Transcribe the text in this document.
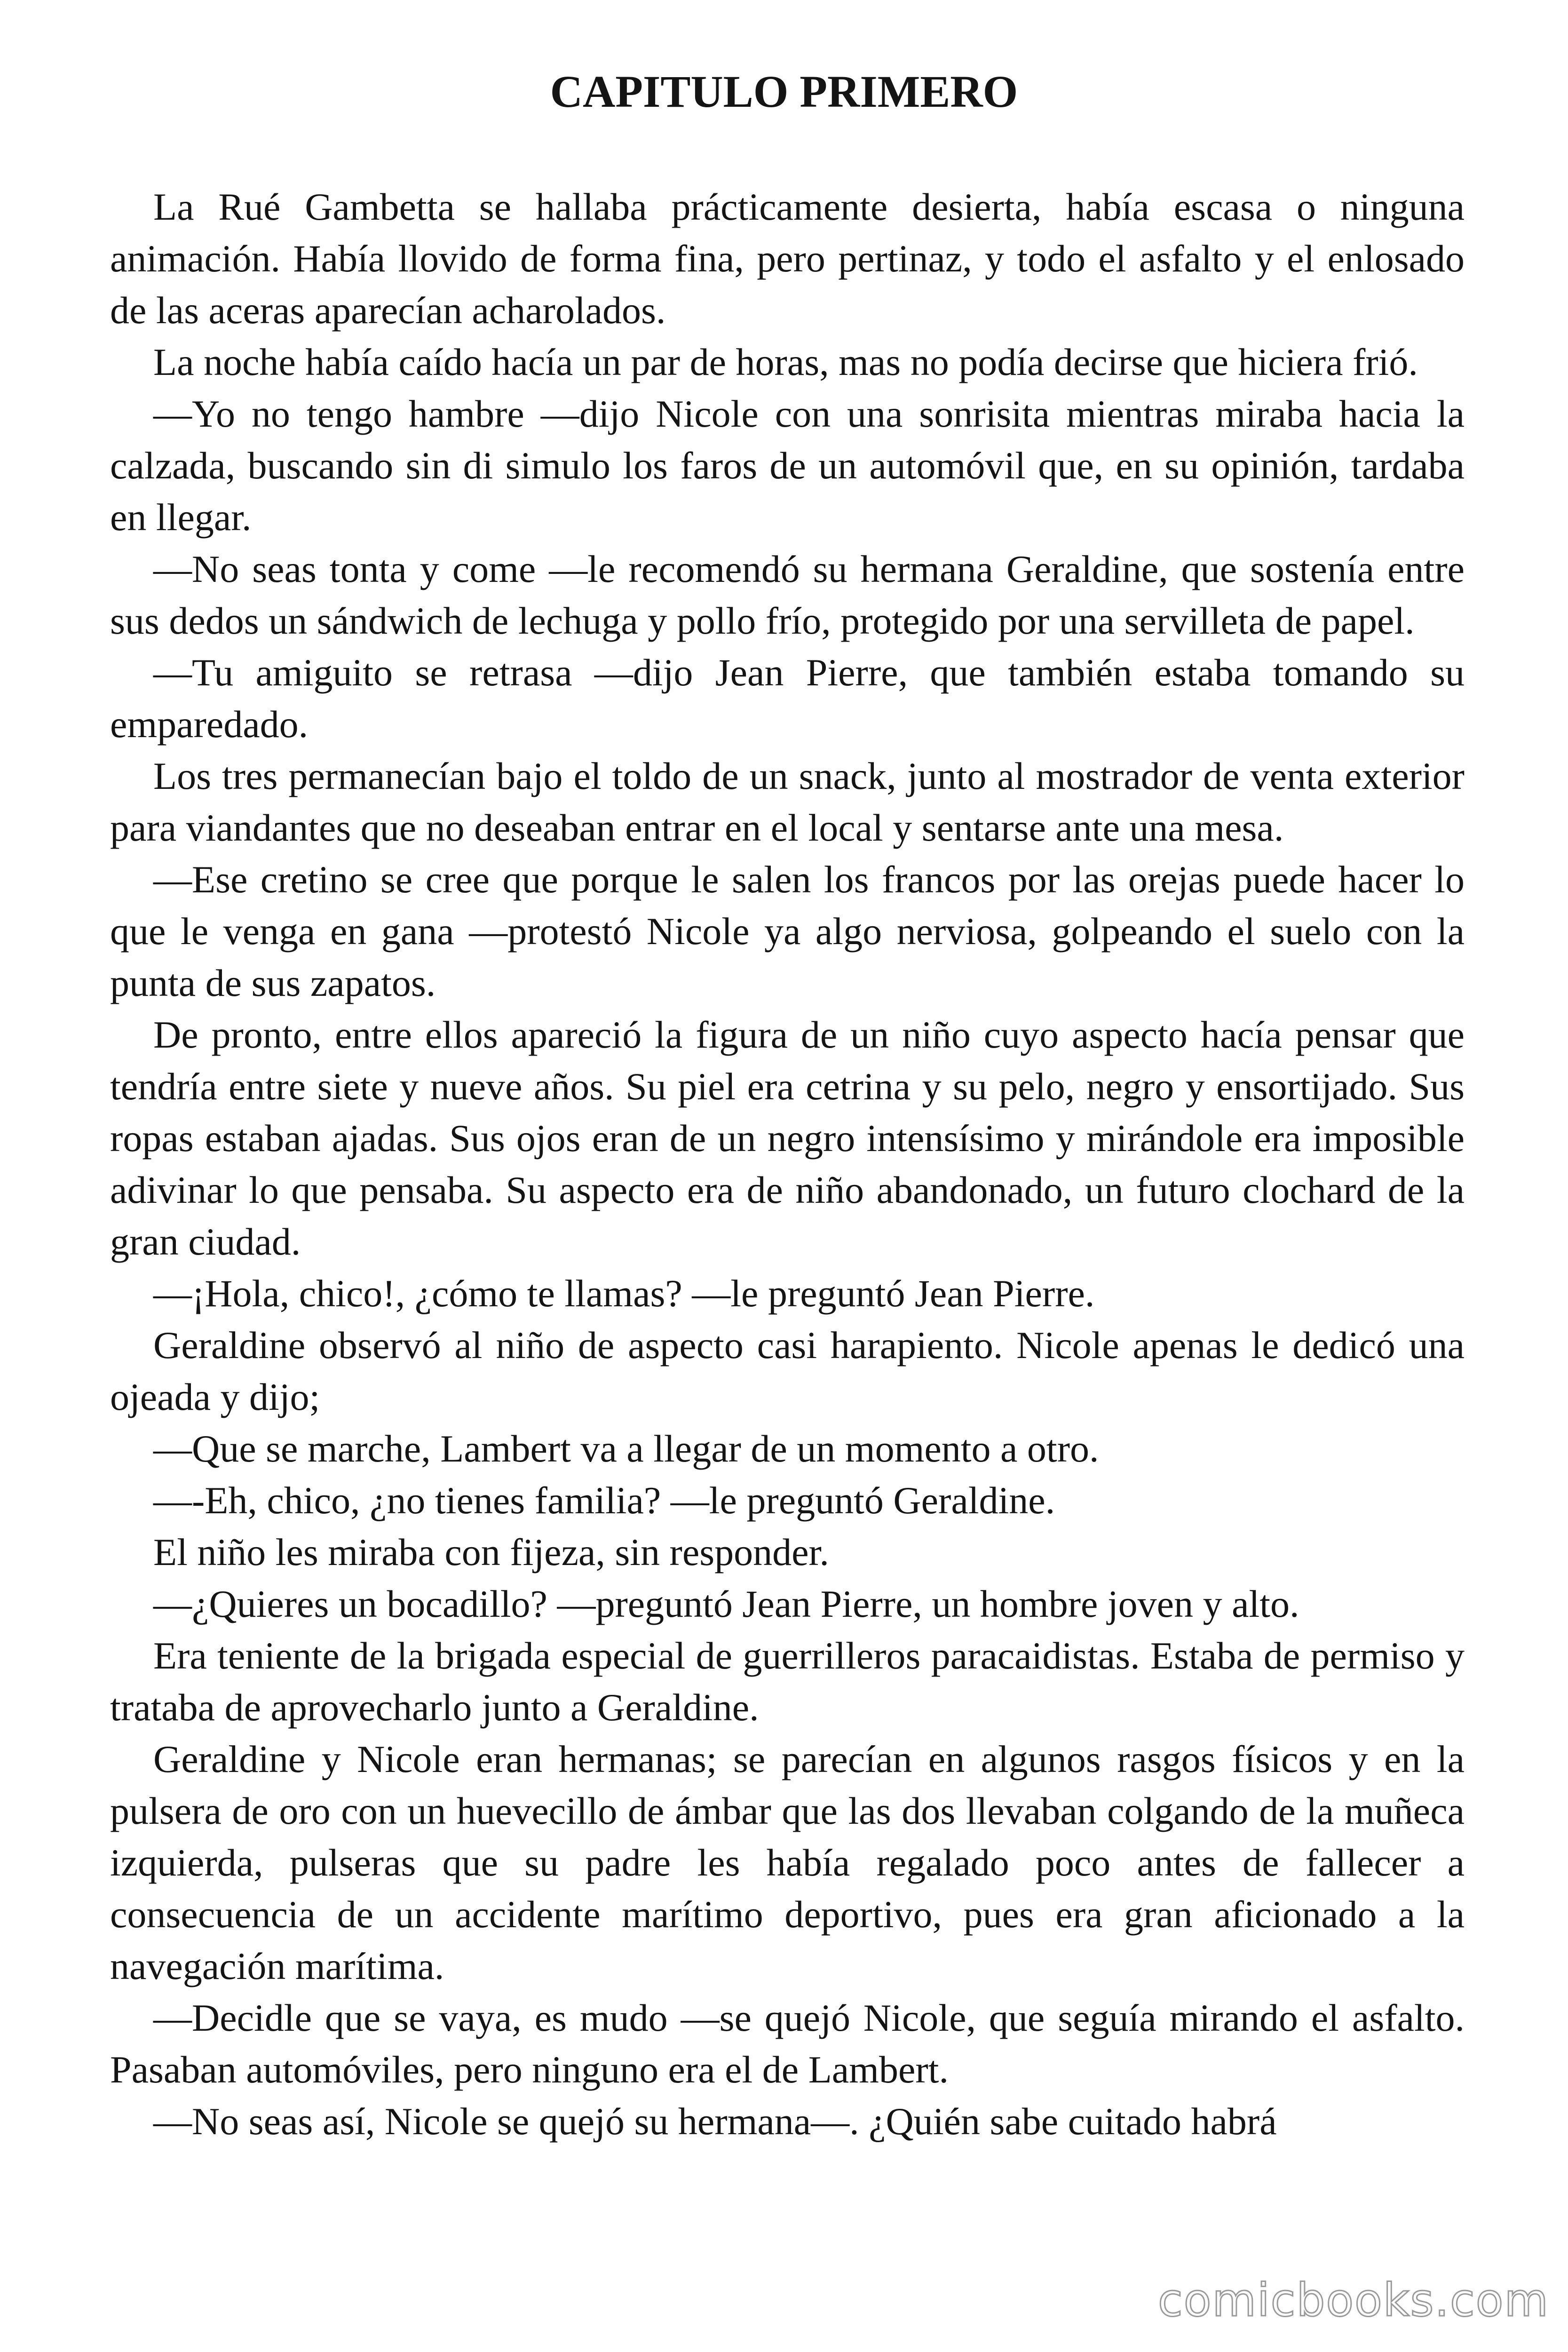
CAPITULO PRIMERO

La Rué Gambetta se hallaba prácticamente desierta, había escasa o ninguna animación. Había llovido de forma fina, pero pertinaz, y todo el asfalto y el enlosado de las aceras aparecían acharolados.

La noche había caído hacía un par de horas, mas no podía decirse que hiciera frió.

—Yo no tengo hambre —dijo Nicole con una sonrisita mientras miraba hacia la calzada, buscando sin di simulo los faros de un automóvil que, en su opinión, tardaba en llegar.

—No seas tonta y come —le recomendó su hermana Geraldine, que sostenía entre sus dedos un sándwich de lechuga y pollo frío, protegido por una servilleta de papel.

—Tu amiguito se retrasa —dijo Jean Pierre, que también estaba tomando su emparedado.

Los tres permanecían bajo el toldo de un snack, junto al mostrador de venta exterior para viandantes que no deseaban entrar en el local y sentarse ante una mesa.

—Ese cretino se cree que porque le salen los francos por las orejas puede hacer lo que le venga en gana —protestó Nicole ya algo nerviosa, golpeando el suelo con la punta de sus zapatos.

De pronto, entre ellos apareció la figura de un niño cuyo aspecto hacía pensar que tendría entre siete y nueve años. Su piel era cetrina y su pelo, negro y ensortijado. Sus ropas estaban ajadas. Sus ojos eran de un negro intensísimo y mirándole era imposible adivinar lo que pensaba. Su aspecto era de niño abandonado, un futuro clochard de la gran ciudad.

—¡Hola, chico!, ¿cómo te llamas? —le preguntó Jean Pierre.

Geraldine observó al niño de aspecto casi harapiento. Nicole apenas le dedicó una ojeada y dijo;

—Que se marche, Lambert va a llegar de un momento a otro.

—-Eh, chico, ¿no tienes familia? —le preguntó Geraldine.

El niño les miraba con fijeza, sin responder.

—¿Quieres un bocadillo? —preguntó Jean Pierre, un hombre joven y alto.

Era teniente de la brigada especial de guerrilleros paracaidistas. Estaba de permiso y trataba de aprovecharlo junto a Geraldine.

Geraldine y Nicole eran hermanas; se parecían en algunos rasgos físicos y en la pulsera de oro con un huevecillo de ámbar que las dos llevaban colgando de la muñeca izquierda, pulseras que su padre les había regalado poco antes de fallecer a consecuencia de un accidente marítimo deportivo, pues era gran aficionado a la navegación marítima.

—Decidle que se vaya, es mudo —se quejó Nicole, que seguía mirando el asfalto. Pasaban automóviles, pero ninguno era el de Lambert.

—No seas así, Nicole se quejó su hermana—. ¿Quién sabe cuitado habrá

comicbooks.com
